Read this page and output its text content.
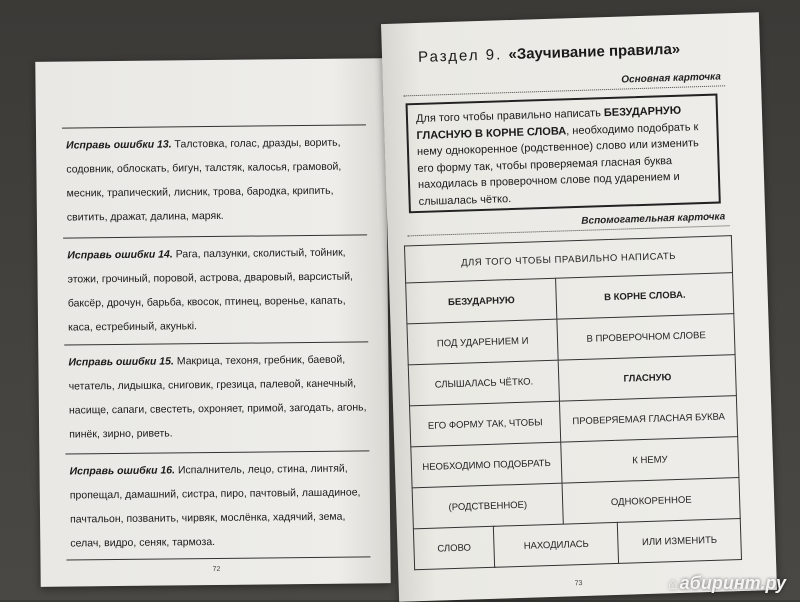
Исправь ошибки 13. Талстовка, голас, дразды, ворить, содовник, облоскать, бигун, талстяк, калосья, грамовой, месник, трапический, лисник, трова, бародка, крипить, свитить, дражат, далина, маряк.
Исправь ошибки 14. Рага, палзунки, сколистый, тойник, этожи, грочиный, поровой, астрова, дваровый, варсистый, баксёр, дрочун, барьба, квосок, птинец, воренье, капать, каса, естребиный, акунькі.
Исправь ошибки 15. Макрица, техоня, гребник, баевой, четатель, лидышка, сниговик, грезица, палевой, канечный, насище, сапаги, свестеть, охроняет, примой, загодать, агонь, пинёк, зирно, риветь.
Исправь ошибки 16. Испалнитель, лецо, стина, линтяй, пропещал, дамашний, систра, пиро, пачтовый, лашадиное, пачтальон, позванить, чирвяк, мослёнка, хадячий, зема, селач, видро, сеняк, тармоза.
72
Раздел 9. «Заучивание правила»
Основная карточка
Для того чтобы правильно написать БЕЗУДАРНУЮ ГЛАСНУЮ В КОРНЕ СЛОВА, необходимо подобрать к нему однокоренное (родственное) слово или изменить его форму так, чтобы проверяемая гласная буква находилась в проверочном слове под ударением и слышалась чётко.
Вспомогательная карточка
ДЛЯ ТОГО ЧТОБЫ ПРАВИЛЬНО НАПИСАТЬ			
БЕЗУДАРНУЮ		В КОРНЕ СЛОВА.	
ПОД УДАРЕНИЕМ И		В ПРОВЕРОЧНОМ СЛОВЕ	
СЛЫШАЛАСЬ ЧЁТКО.		ГЛАСНУЮ	
ЕГО ФОРМУ ТАК, ЧТОБЫ		ПРОВЕРЯЕМАЯ ГЛАСНАЯ БУКВА	
НЕОБХОДИМО ПОДОБРАТЬ		К НЕМУ	
(РОДСТВЕННОЕ)		ОДНОКОРЕННОЕ	
СЛОВО	НАХОДИЛАСЬ		ИЛИ ИЗМЕНИТЬ
73	⌂ абиринт.ру
